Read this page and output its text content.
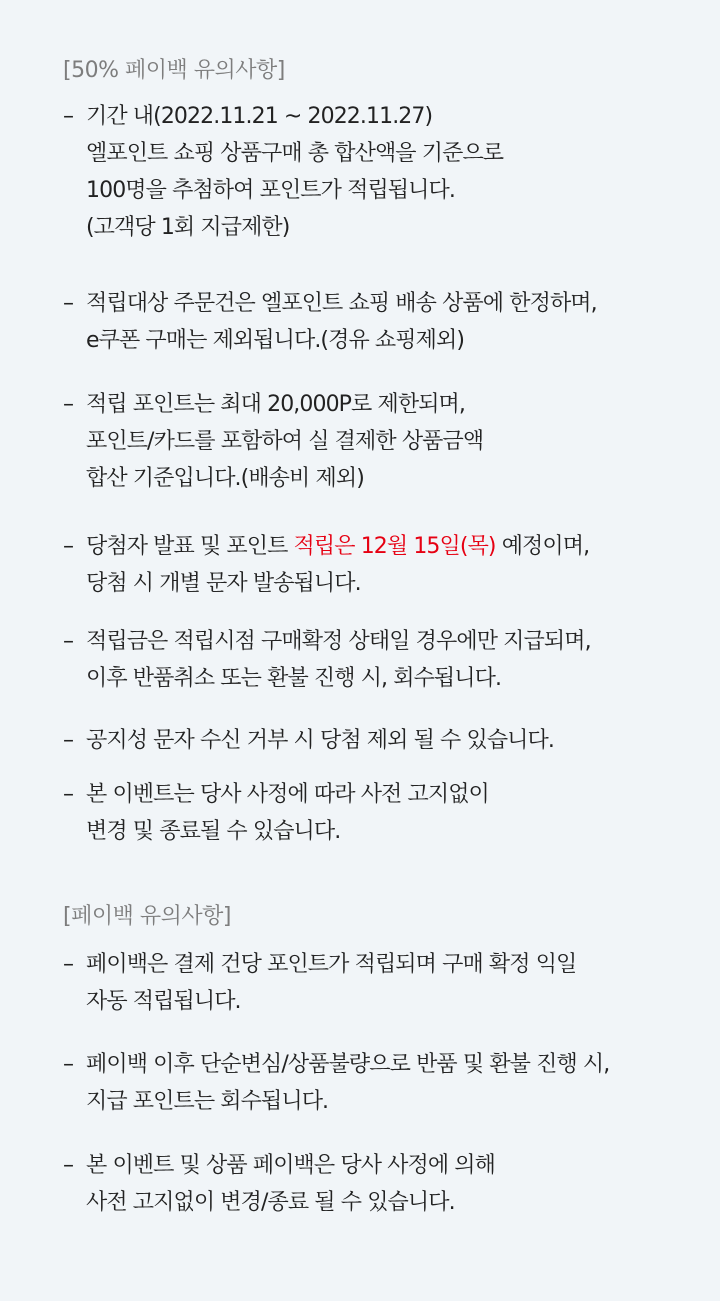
[50% 페이백 유의사항]
– 기간 내(2022.11.21 ~ 2022.11.27)
엘포인트 쇼핑 상품구매 총 합산액을 기준으로
100명을 추첨하여 포인트가 적립됩니다.
(고객당 1회 지급제한)
– 적립대상 주문건은 엘포인트 쇼핑 배송 상품에 한정하며,
e쿠폰 구매는 제외됩니다.(경유 쇼핑제외)
– 적립 포인트는 최대 20,000P로 제한되며,
포인트/카드를 포함하여 실 결제한 상품금액
합산 기준입니다.(배송비 제외)
– 당첨자 발표 및 포인트 적립은 12월 15일(목) 예정이며,
당첨 시 개별 문자 발송됩니다.
– 적립금은 적립시점 구매확정 상태일 경우에만 지급되며,
이후 반품취소 또는 환불 진행 시, 회수됩니다.
– 공지성 문자 수신 거부 시 당첨 제외 될 수 있습니다.
– 본 이벤트는 당사 사정에 따라 사전 고지없이
변경 및 종료될 수 있습니다.
[페이백 유의사항]
– 페이백은 결제 건당 포인트가 적립되며 구매 확정 익일
자동 적립됩니다.
– 페이백 이후 단순변심/상품불량으로 반품 및 환불 진행 시,
지급 포인트는 회수됩니다.
– 본 이벤트 및 상품 페이백은 당사 사정에 의해
사전 고지없이 변경/종료 될 수 있습니다.
